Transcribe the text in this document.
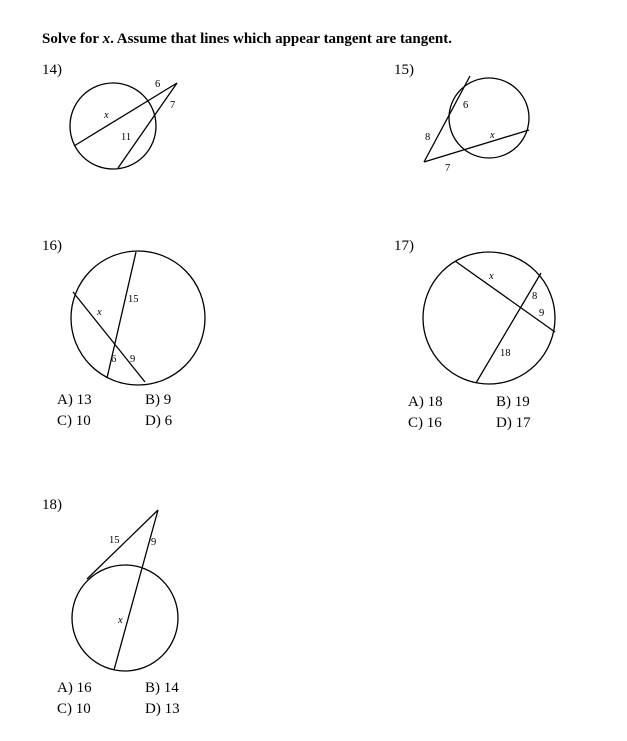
Solve for x. Assume that lines which appear tangent are tangent.
14)	15)
16)	17)
18)
A) 13	B) 9
C) 10	D) 6
A) 18	B) 19
C) 16	D) 17
A) 16	B) 14
C) 10	D) 13
6
7
x
11
6
8	x
7
15
x
6 9
x
8
9
18
15	9
x
